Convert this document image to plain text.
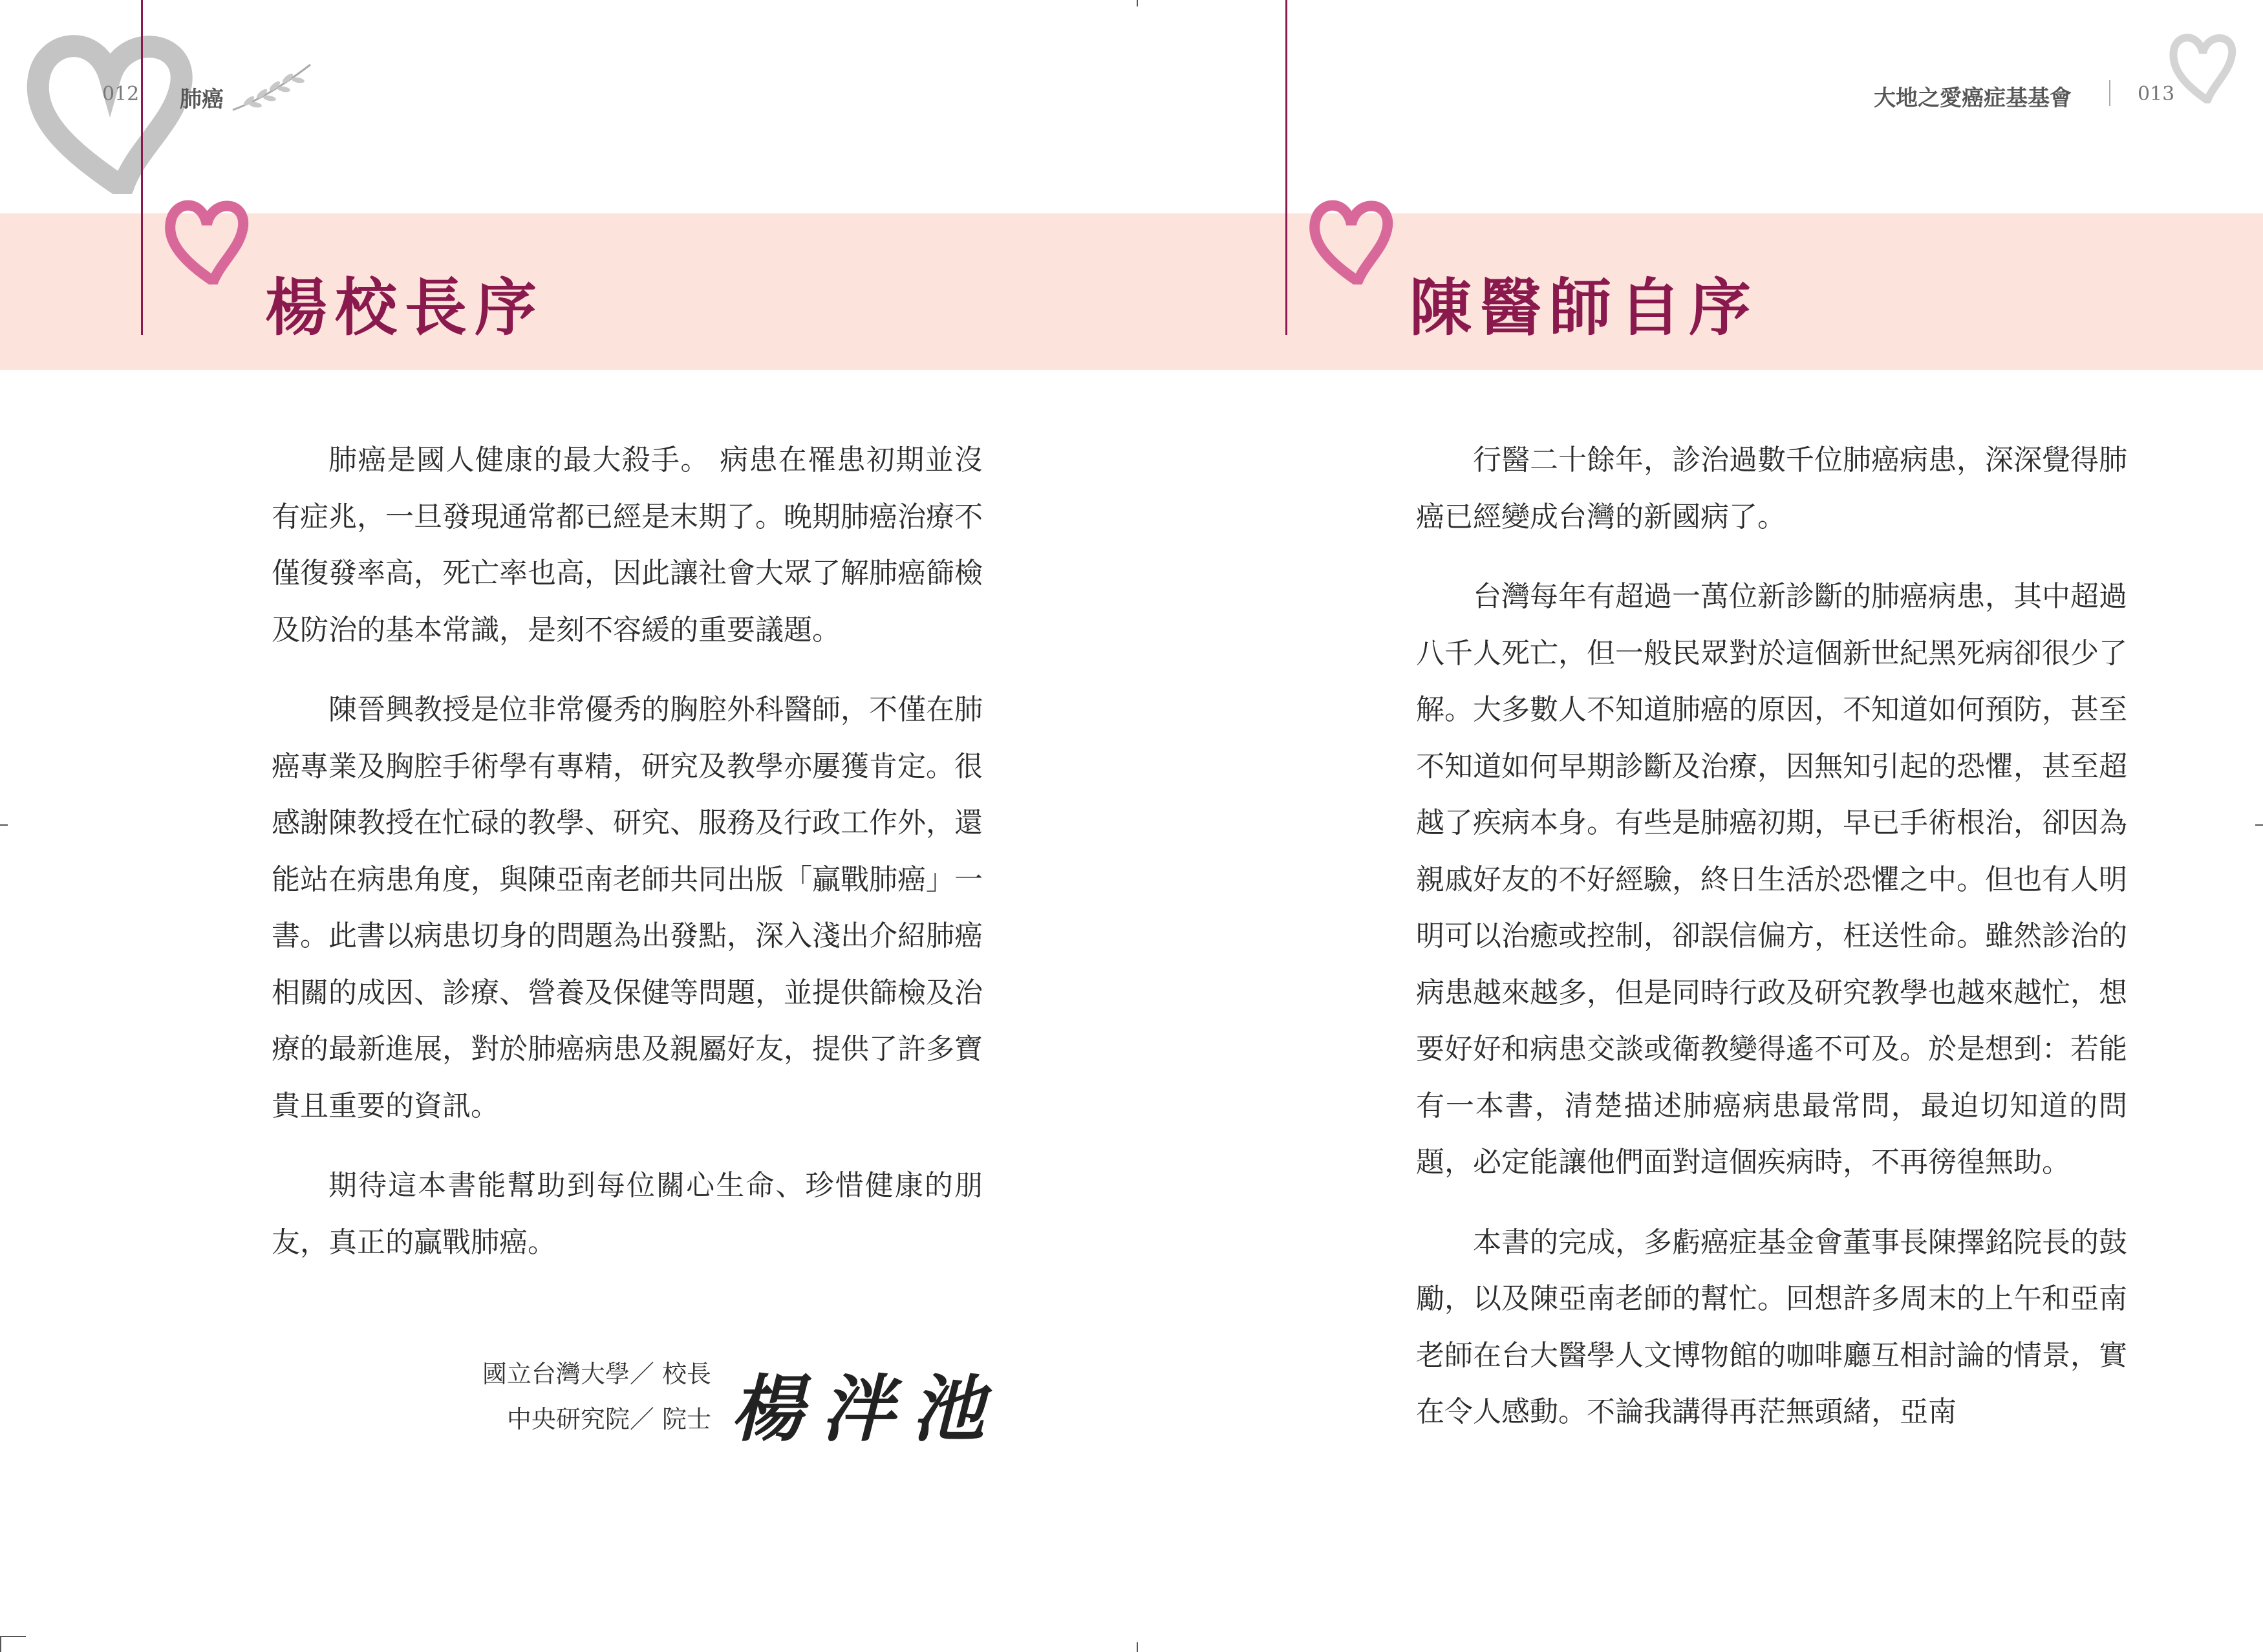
012 肺癌
楊校長序

肺癌是國人健康的最大殺手。 病患在罹患初期並沒有症兆，一旦發現通常都已經是末期了。晚期肺癌治療不僅復發率高，死亡率也高，因此讓社會大眾了解肺癌篩檢及防治的基本常識，是刻不容緩的重要議題。

陳晉興教授是位非常優秀的胸腔外科醫師，不僅在肺癌專業及胸腔手術學有專精，研究及教學亦屢獲肯定。很感謝陳教授在忙碌的教學、研究、服務及行政工作外，還能站在病患角度，與陳亞南老師共同出版「贏戰肺癌」一書。此書以病患切身的問題為出發點，深入淺出介紹肺癌相關的成因、診療、營養及保健等問題，並提供篩檢及治療的最新進展，對於肺癌病患及親屬好友，提供了許多寶貴且重要的資訊。

期待這本書能幫助到每位關心生命、珍惜健康的朋友，真正的贏戰肺癌。

國立台灣大學／ 校長
中央研究院／ 院士 楊泮池
大地之愛癌症基基會	013
陳醫師自序

行醫二十餘年，診治過數千位肺癌病患，深深覺得肺癌已經變成台灣的新國病了。

台灣每年有超過一萬位新診斷的肺癌病患，其中超過八千人死亡，但一般民眾對於這個新世紀黑死病卻很少了解。大多數人不知道肺癌的原因，不知道如何預防，甚至不知道如何早期診斷及治療，因無知引起的恐懼，甚至超越了疾病本身。有些是肺癌初期，早已手術根治，卻因為親戚好友的不好經驗，終日生活於恐懼之中。但也有人明明可以治癒或控制，卻誤信偏方，枉送性命。雖然診治的病患越來越多，但是同時行政及研究教學也越來越忙，想要好好和病患交談或衛教變得遙不可及。於是想到：若能有一本書，清楚描述肺癌病患最常問，最迫切知道的問題，必定能讓他們面對這個疾病時，不再徬徨無助。

本書的完成，多虧癌症基金會董事長陳擇銘院長的鼓勵，以及陳亞南老師的幫忙。回想許多周末的上午和亞南老師在台大醫學人文博物館的咖啡廳互相討論的情景，實在令人感動。不論我講得再茫無頭緒，亞南
